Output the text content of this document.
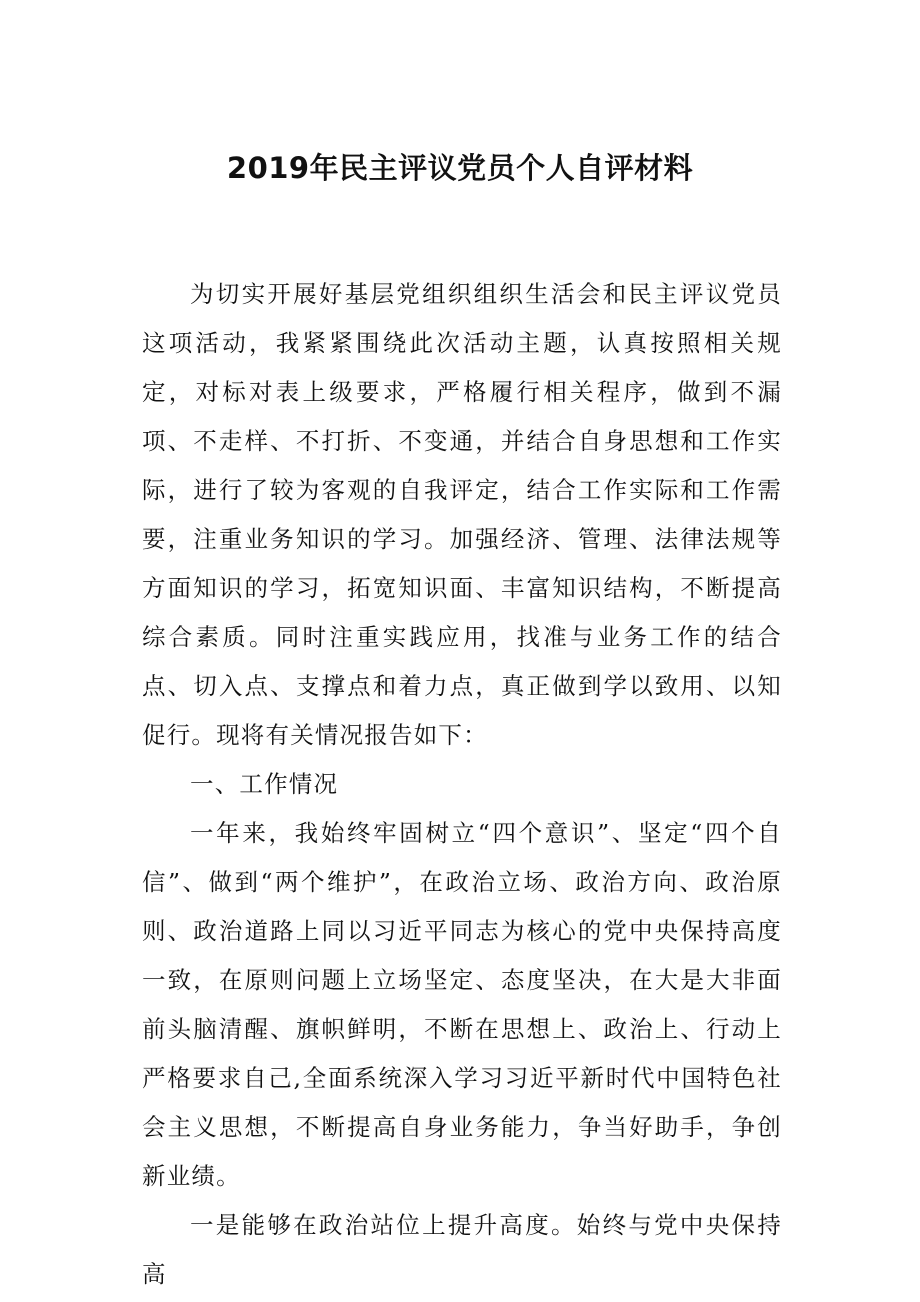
2019年民主评议党员个人自评材料

为切实开展好基层党组织组织生活会和民主评议党员这项活动，我紧紧围绕此次活动主题，认真按照相关规定，对标对表上级要求，严格履行相关程序，做到不漏项、不走样、不打折、不变通，并结合自身思想和工作实际，进行了较为客观的自我评定，结合工作实际和工作需要，注重业务知识的学习。加强经济、管理、法律法规等方面知识的学习，拓宽知识面、丰富知识结构，不断提高综合素质。同时注重实践应用，找准与业务工作的结合点、切入点、支撑点和着力点，真正做到学以致用、以知促行。现将有关情况报告如下：

一、工作情况

一年来，我始终牢固树立“四个意识”、坚定“四个自信”、做到“两个维护”，在政治立场、政治方向、政治原则、政治道路上同以习近平同志为核心的党中央保持高度一致，在原则问题上立场坚定、态度坚决，在大是大非面前头脑清醒、旗帜鲜明，不断在思想上、政治上、行动上严格要求自己,全面系统深入学习习近平新时代中国特色社会主义思想，不断提高自身业务能力，争当好助手，争创新业绩。

一是能够在政治站位上提升高度。始终与党中央保持高
